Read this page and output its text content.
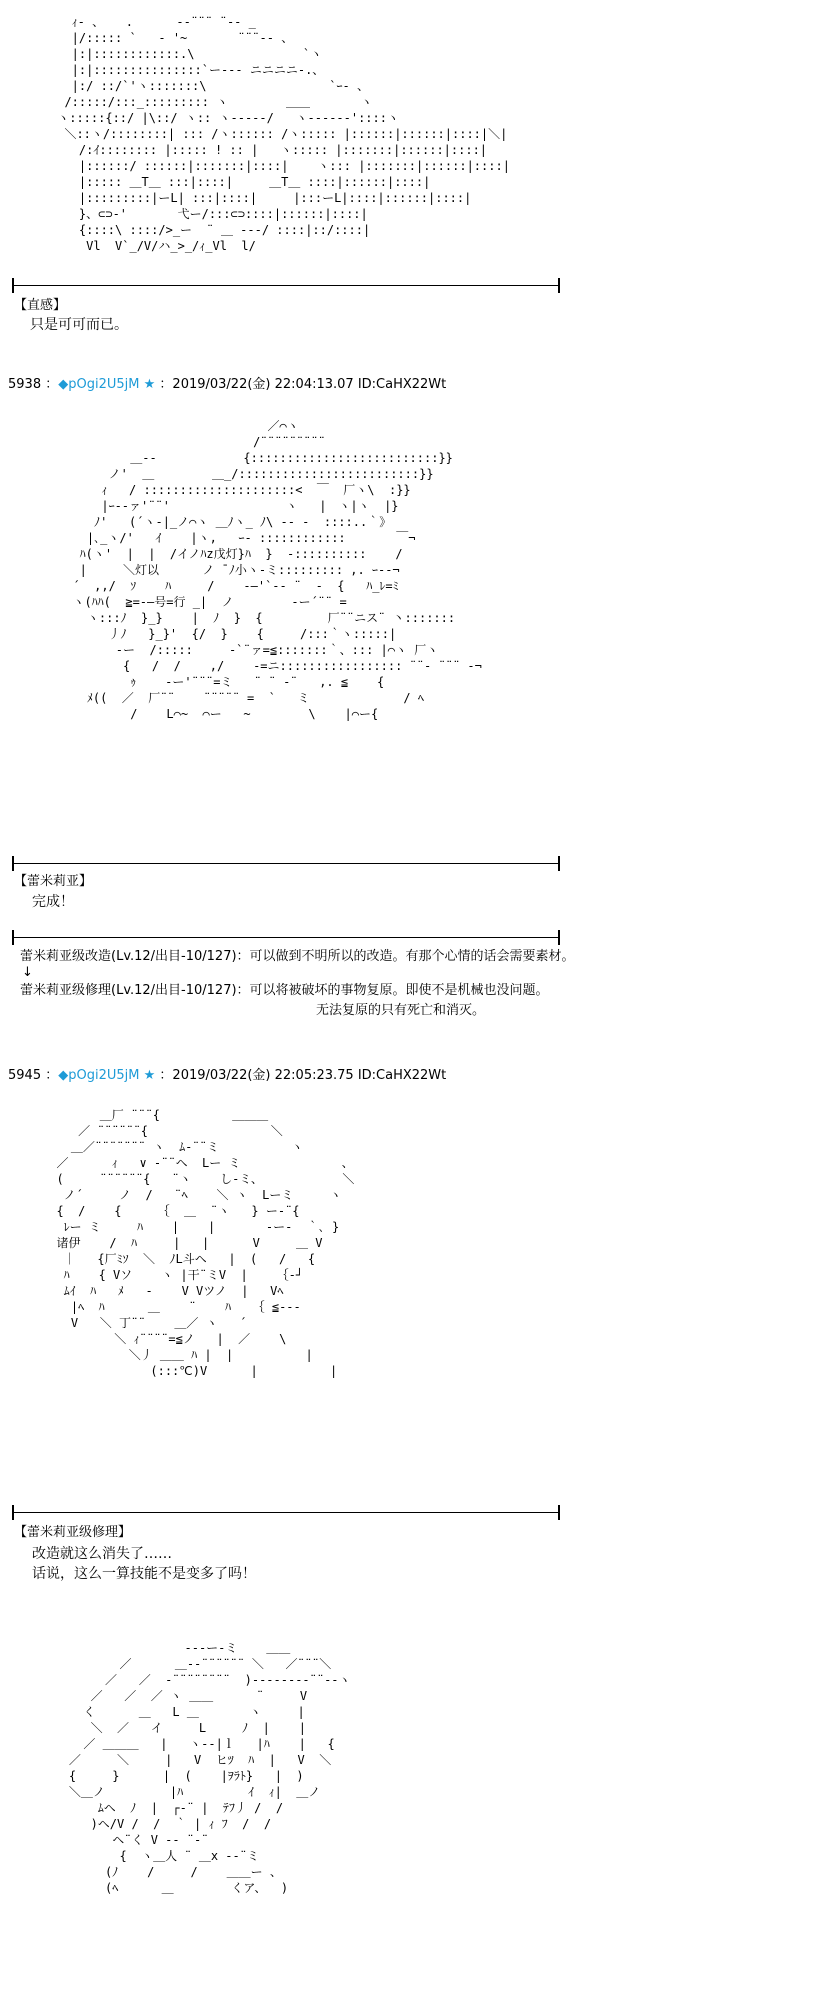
ｨ- 、   .      -‐¨¨¨ ¨‐- _
|/::::: `   ‐ '~       ¨¨¨‐- 、
|:|::::::::::::.\               `ヽ
|:|:::::::::::::::`ー-‐- ニニニニ-.、
|:/ ::/`'ヽ:::::::\                 `ｰ- 、
/:::::/:::_::::::::: ヽ        ＿＿       ヽ
ヽ:::::{::/ |\::/ ヽ:: ヽ-‐---/   ヽ--‐---'::::ヽ
＼::ヽ/::::::::| ::: /ヽ:::::: /ヽ::::: |::::::|::::::|::::|＼|
/:ｲ:::::::: |::::: ! :: |   ヽ::::: |:::::::|::::::|::::|
|::::::/ ::::::|:::::::|::::|    ヽ::: |:::::::|::::::|::::|
|::::: ＿T＿ :::|::::|     ＿T＿ ::::|::::::|::::|
|:::::::::|ーL| :::|::::|     |:::ーL|::::|::::::|::::|
}、⊂⊃-'       弋ー/:::⊂⊃::::|::::::|::::|
{::::\ ::::/>_ー  ¨ ＿ ‐--/ ::::|::/::::|
Vl  V`_/V/ハ_>_/ｨ_Vl  l/
【直感】
只是可可而已。
5938 ：◆pOgi2U5jM ★ ：2019/03/22(金) 22:04:13.07 ID:CaHX22Wt
／⌒ヽ
/¨¨¨¨¨¨¨¨¨
＿-‐            {::::::::::::::::::::::::::}}
ノ'  ＿        ＿_/:::::::::::::::::::::::::}}
ｨ   / :::::::::::::::::::::<  ￣  厂ヽ\  :}}
|ｰ-‐ァ'¨¨'                ヽ   |　ヽ|ヽ  |}
ﾉ'   (´ヽ-|_ノ⌒ヽ ＿ﾉヽ_ ﾉ\ ‐‐ ‐  ::::..｀》
|､_ヽ/'   ｲ    |ヽ,   ｰ- ::::::::::::       ￣¬
ﾊ(ヽ'  |  |  /イノﾊz戊灯}ﾊ  }  ‐::::::::::    /
|     ＼灯以      ノ ̄ ﾉ小ヽ‐ミ::::::::: ,. ｰ-‐¬
´  ,,/  ｿ    ﾊ     /    ‐―'`-‐ ¨  ‐  {   ﾊ_ﾚ=ﾐ
ヽ(ﾊﾊ(  ≧=‐―号=行 _|  ノ        ‐ー´¨¨ =
ヽ:::ﾉ  }_}    |  ﾉ  }  {         厂¨¨ニス¨ 丶:::::::
丿ﾉ   }_}'  {/  }    {     /:::｀ヽ:::::|
‐ー  /:::::     ‐`¨ァ=≦:::::::｀、::: |⌒ヽ 厂ヽ
{   /  /    ,/    ‐=ニ::::::::::::::::: ¨¨‐ ¨¨¨ ‐¬
ｩ    ‐ー'¨¨¨=ミ   ¨ ¨ ‐¨   ,. ≦    {
ﾒ((  ／  厂¨¨    ¨¨¨¨¨ =  `   ミ             / ﾍ
/    L⌒~  ⌒ー   ~        \    |⌒ー{
【蕾米莉亚】
完成！
蕾米莉亚级改造(Lv.12/出目-10/127)：可以做到不明所以的改造。有那个心情的话会需要素材。
↓
蕾米莉亚级修理(Lv.12/出目-10/127)：可以将被破坏的事物复原。即使不是机械也没问题。
无法复原的只有死亡和消灭。
5945 ：◆pOgi2U5jM ★ ：2019/03/22(金) 22:05:23.75 ID:CaHX22Wt
＿厂 ¨¨¨{          ＿＿＿
／ ¨¨¨¨¨¨{                 ＼
＿／¨¨¨¨¨¨¨ ヽ  ﾑ‐¨¨ミ          ヽ
／      ｨ   ∨ ‐¨¨ヘ  Lー ミ              、
(     ¨¨¨¨¨¨{   ¨ヽ    し‐ミ、           ＼
ノ´     ノ  /   ¨ﾍ    ＼ ヽ  Lーミ     ヽ
{  /    {     ｛  ＿  ¨ヽ   } ー-¨{
ﾚー ミ     ﾊ    |    |       ‐ー‐  ｀､ }
诸伊    /  ﾊ     |   |      V     ＿ V
｜   {厂ﾐｿ  ＼  ﾉL斗ヘ   |  (   /   {
ﾊ    { Vソ    ヽ |干¨ミV  |    ｛‐┘
ﾑｲ  ﾊ   ﾒ   ‐    V Vツノ  |   Vﾍ
|ﾍ  ﾊ      ＿    ¨    ﾊ   ｛ ≦‐‐‐
V   ＼ 丁¨¨    ＿／ ヽ   ´
＼ ｨ¨¨¨¨=≦ノ   |  ／    \
＼丿 ＿＿ ﾊ |  |          |
(:::℃)V      |          |
【蕾米莉亚级修理】
改造就这么消失了……
话说，这么一算技能不是变多了吗！
‐--ー‐ミ    ＿＿
／      ＿-‐¨¨¨¨¨¨ ＼   ／¨¨¨＼
／   ／  ‐¨¨¨¨¨¨¨¨  )------‐‐¨¨‐‐ヽ
／   ／  ／ ヽ ＿＿      ¨     V
く      ＿   L ＿       ヽ     |
＼  ／   イ     L     ﾉ  |    |
／ ＿＿＿   |   ヽ-‐|ｌ   |ﾊ    |   {
／     ＼     |   V  ヒﾂ  ﾊ  |   V  ＼
{     }      |  (    |ｦﾗﾄ}   |  )
＼＿ノ         |ﾊ         ｲ  ｨ|  ＿ノ
ﾑヘ  ﾉ  |  ┌‐¨ |  ﾃﾌ丿 /  /
)ヘ/V /  /  ｀ | ｨ ﾌ  /  /
ヘ¨く V ‐‐ ¨‐¨
{  ヽ＿人 ¨ ＿x ‐‐¨ミ
(ﾉ    /     /    ＿＿ー 、
(ﾍ      ＿        くア、  )
